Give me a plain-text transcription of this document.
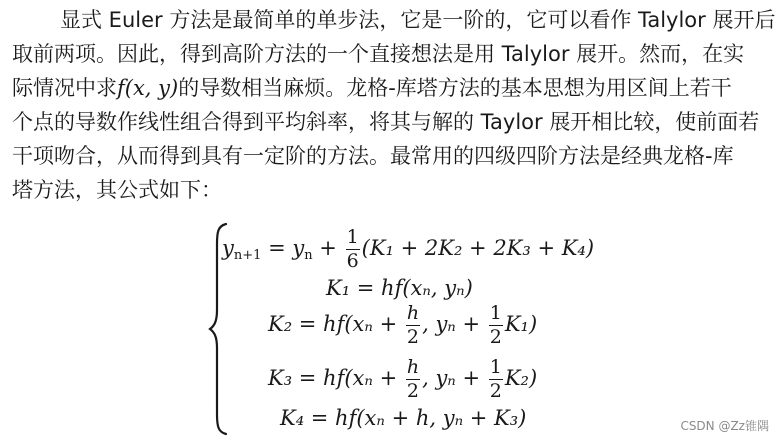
显式 Euler 方法是最简单的单步法，它是一阶的，它可以看作 Talylor 展开后
取前两项。因此，得到高阶方法的一个直接想法是用 Talylor 展开。然而，在实
际情况中求f(x, y)的导数相当麻烦。龙格-库塔方法的基本思想为用区间上若干
个点的导数作线性组合得到平均斜率，将其与解的 Taylor 展开相比较，使前面若
干项吻合，从而得到具有一定阶的方法。最常用的四级四阶方法是经典龙格-库
塔方法，其公式如下：
$y_{n+1} = y_n + \frac{1}{6} (K_1 + 2K_2 + 2K_3 + K_4)$
K₁ = hf(xₙ, yₙ)
$K_2 = hf(x_n + \frac{h}{2}$ , $y_n + \frac{1}{2} K_1$)
$K_3 = hf(x_n + \frac{h}{2}$ , $y_n + \frac{1}{2} K_2$)
K₄ = hf(xₙ + h, yₙ + K₃)	CSDN @Zz锥隅
